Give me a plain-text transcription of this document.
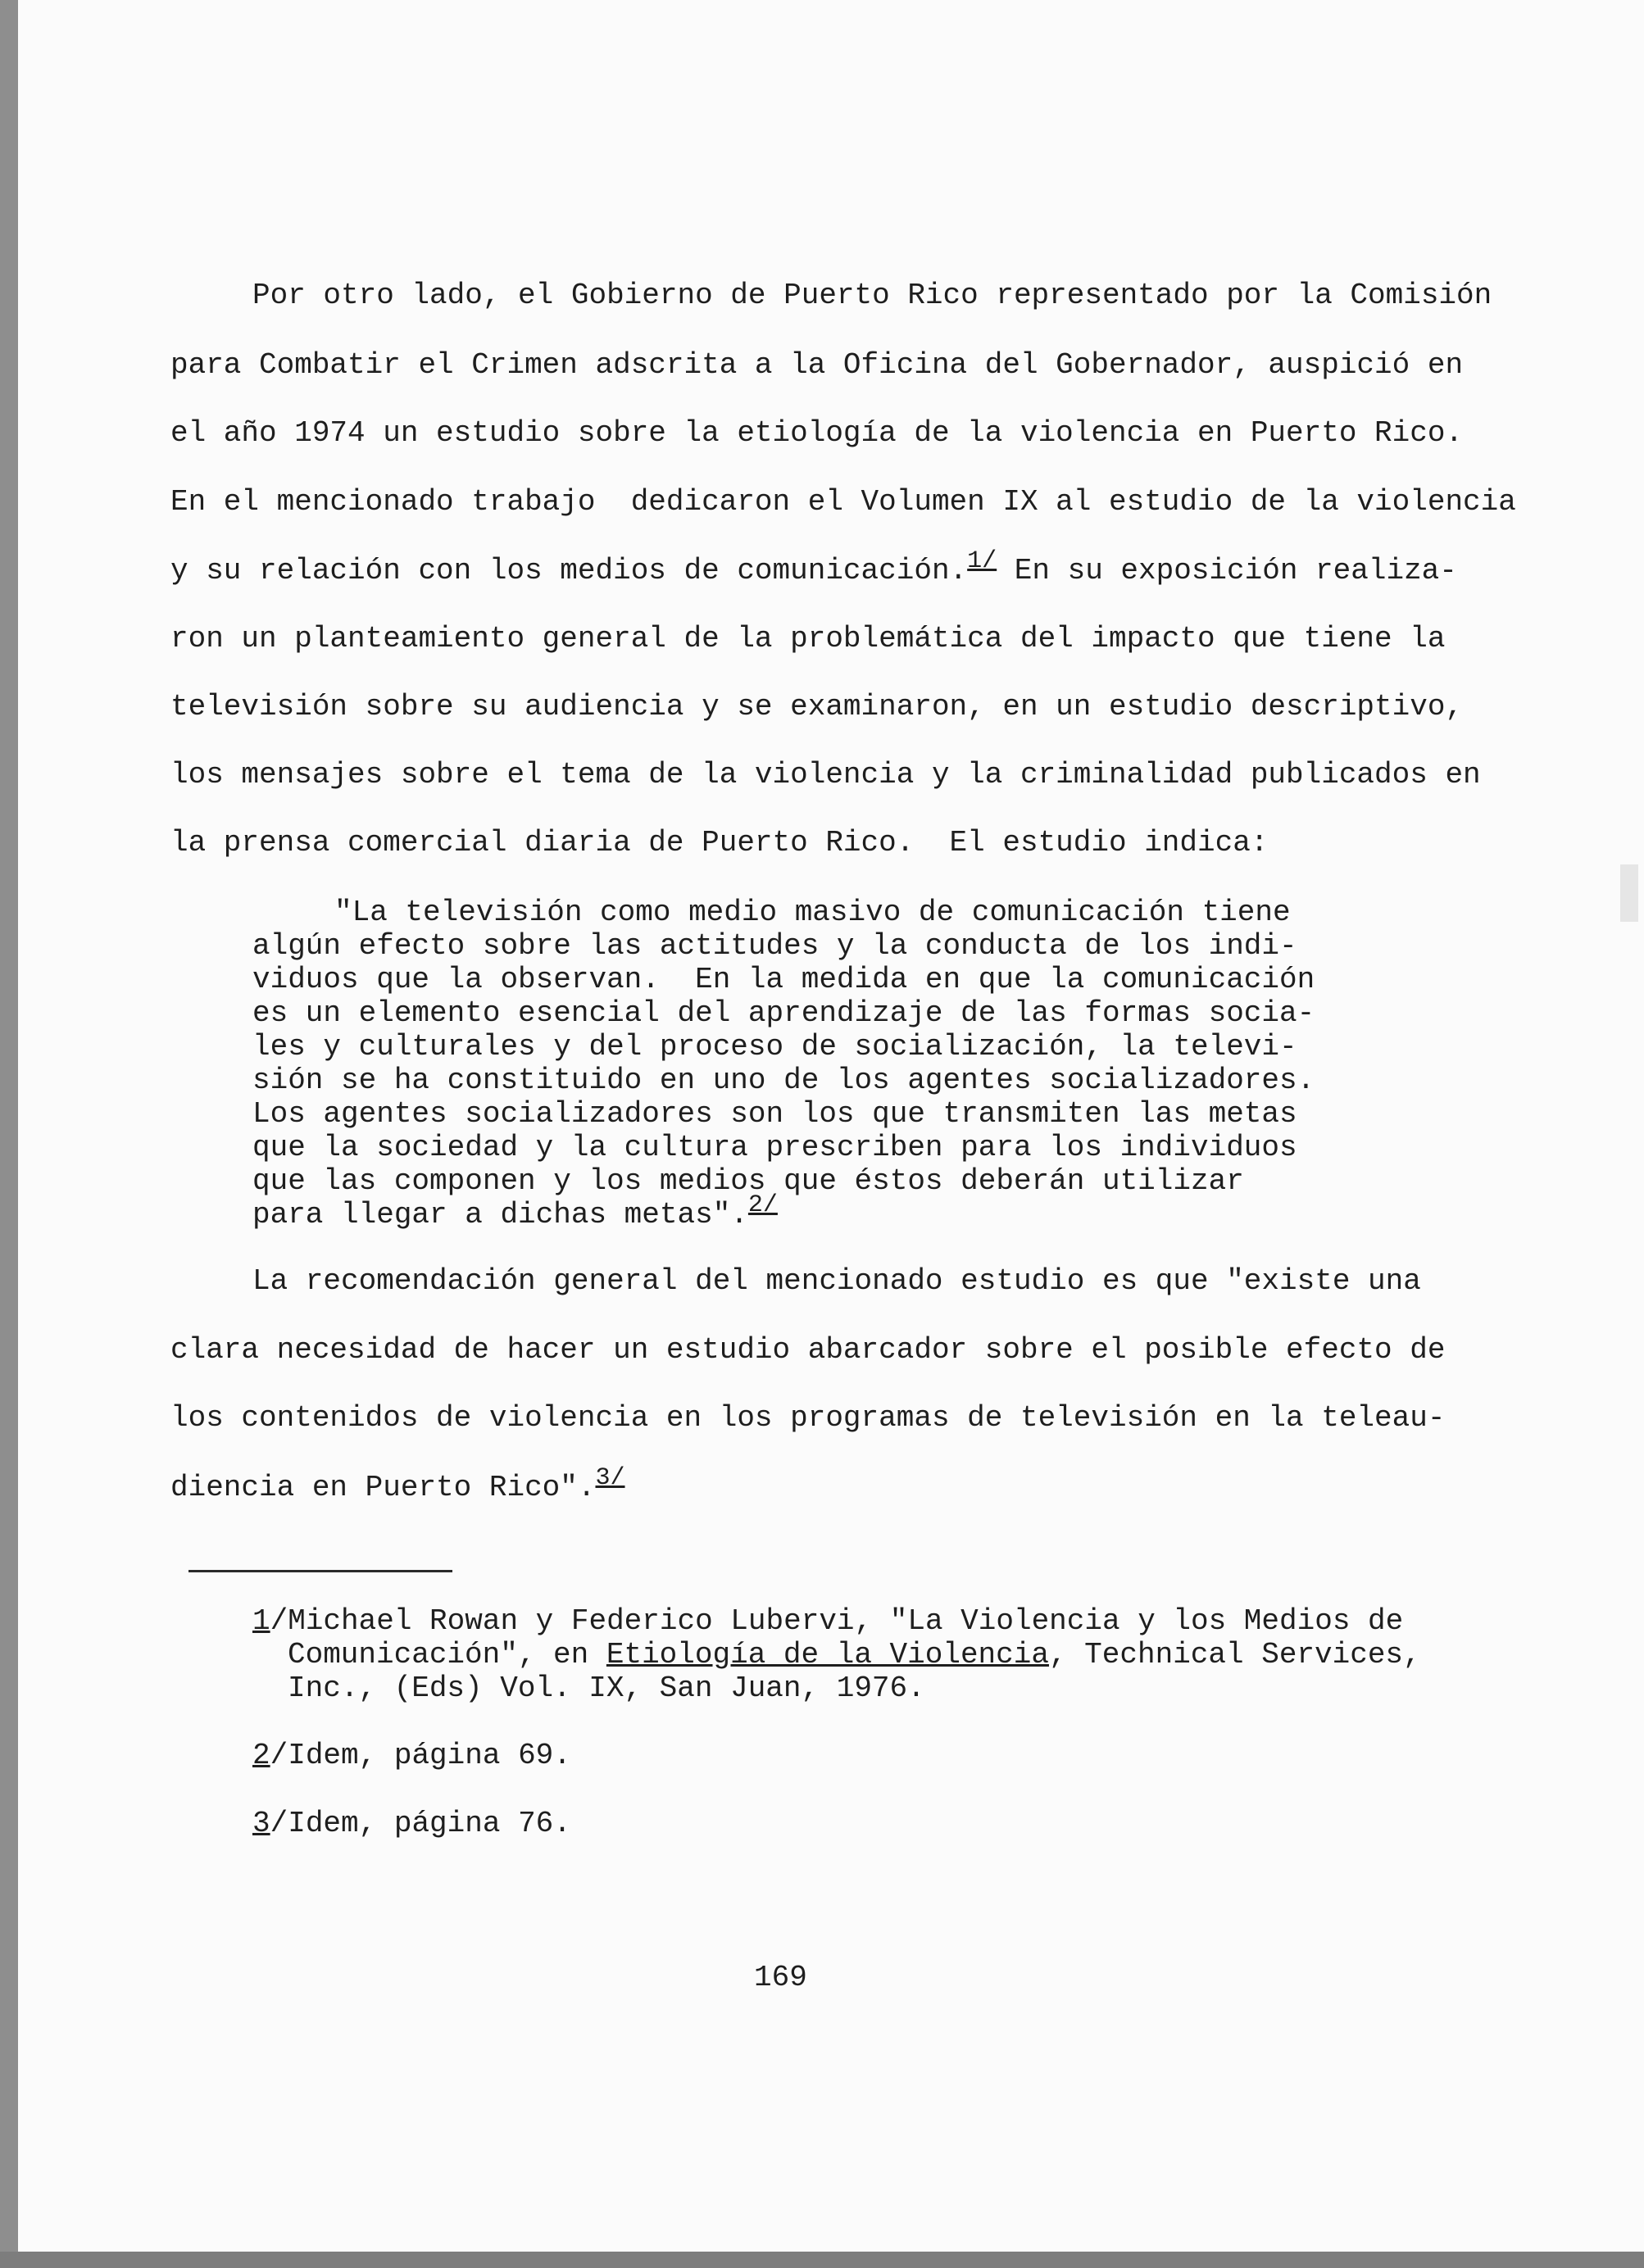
Por otro lado, el Gobierno de Puerto Rico representado por la Comisión

para Combatir el Crimen adscrita a la Oficina del Gobernador, auspició en

el año 1974 un estudio sobre la etiología de la violencia en Puerto Rico.

En el mencionado trabajo  dedicaron el Volumen IX al estudio de la violencia

y su relación con los medios de comunicación.$^{1/}$ En su exposición realiza-

ron un planteamiento general de la problemática del impacto que tiene la

televisión sobre su audiencia y se examinaron, en un estudio descriptivo,

los mensajes sobre el tema de la violencia y la criminalidad publicados en

la prensa comercial diaria de Puerto Rico.  El estudio indica:

"La televisión como medio masivo de comunicación tiene

algún efecto sobre las actitudes y la conducta de los indi-

viduos que la observan.  En la medida en que la comunicación

es un elemento esencial del aprendizaje de las formas socia-

les y culturales y del proceso de socialización, la televi-

sión se ha constituido en uno de los agentes socializadores.

Los agentes socializadores son los que transmiten las metas

que la sociedad y la cultura prescriben para los individuos

que las componen y los medios que éstos deberán utilizar

para llegar a dichas metas".$^{2/}$

La recomendación general del mencionado estudio es que "existe una

clara necesidad de hacer un estudio abarcador sobre el posible efecto de

los contenidos de violencia en los programas de televisión en la teleau-

diencia en Puerto Rico".$^{3/}$

1/Michael Rowan y Federico Lubervi, "La Violencia y los Medios de

Comunicación", en Etiología de la Violencia, Technical Services,

Inc., (Eds) Vol. IX, San Juan, 1976.

2/Idem, página 69.

3/Idem, página 76.

169
